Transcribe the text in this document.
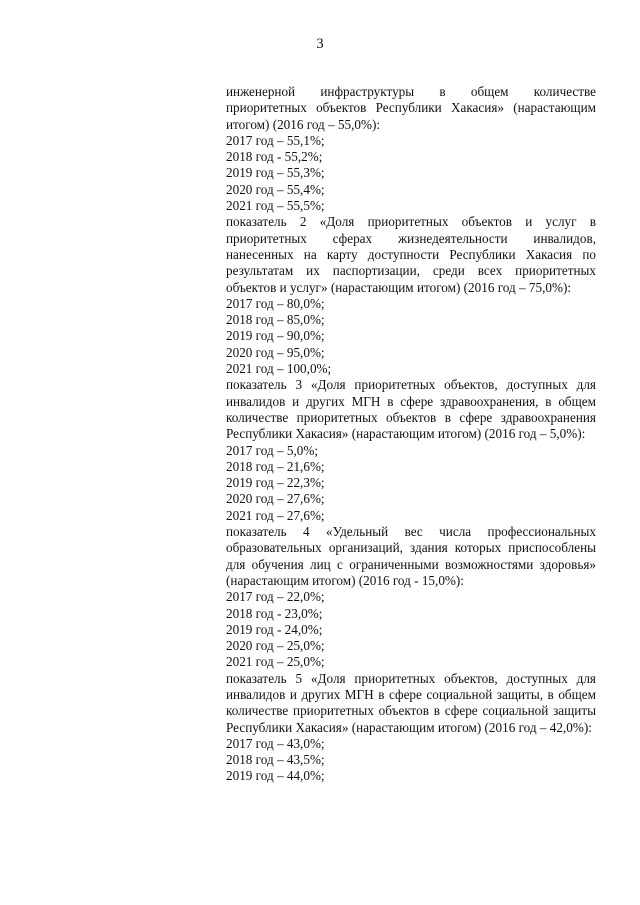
3

инженерной инфраструктуры в общем количестве

приоритетных объектов Республики Хакасия» (нарастающим

итогом) (2016 год – 55,0%):

2017 год – 55,1%;

2018 год - 55,2%;

2019 год – 55,3%;

2020 год – 55,4%;

2021 год – 55,5%;

показатель 2 «Доля приоритетных объектов и услуг в приоритетных сферах жизнедеятельности инвалидов, нанесенных на карту доступности Республики Хакасия по результатам их паспортизации, среди всех приоритетных объектов и услуг» (нарастающим итогом) (2016 год – 75,0%):

2017 год – 80,0%;

2018 год – 85,0%;

2019 год – 90,0%;

2020 год – 95,0%;

2021 год – 100,0%;

показатель 3 «Доля приоритетных объектов, доступных для инвалидов и других МГН в сфере здравоохранения, в общем количестве приоритетных объектов в сфере здравоохранения Республики Хакасия» (нарастающим итогом) (2016 год – 5,0%):

2017 год – 5,0%;

2018 год – 21,6%;

2019 год – 22,3%;

2020 год – 27,6%;

2021 год – 27,6%;

показатель 4 «Удельный вес числа профессиональных образовательных организаций, здания которых приспособлены для обучения лиц с ограниченными возможностями здоровья» (нарастающим итогом) (2016 год - 15,0%):

2017 год – 22,0%;

2018 год - 23,0%;

2019 год - 24,0%;

2020 год – 25,0%;

2021 год – 25,0%;

показатель 5 «Доля приоритетных объектов, доступных для инвалидов и других МГН в сфере социальной защиты, в общем количестве приоритетных объектов в сфере социальной защиты Республики Хакасия» (нарастающим итогом) (2016 год – 42,0%):

2017 год – 43,0%;

2018 год – 43,5%;

2019 год – 44,0%;
